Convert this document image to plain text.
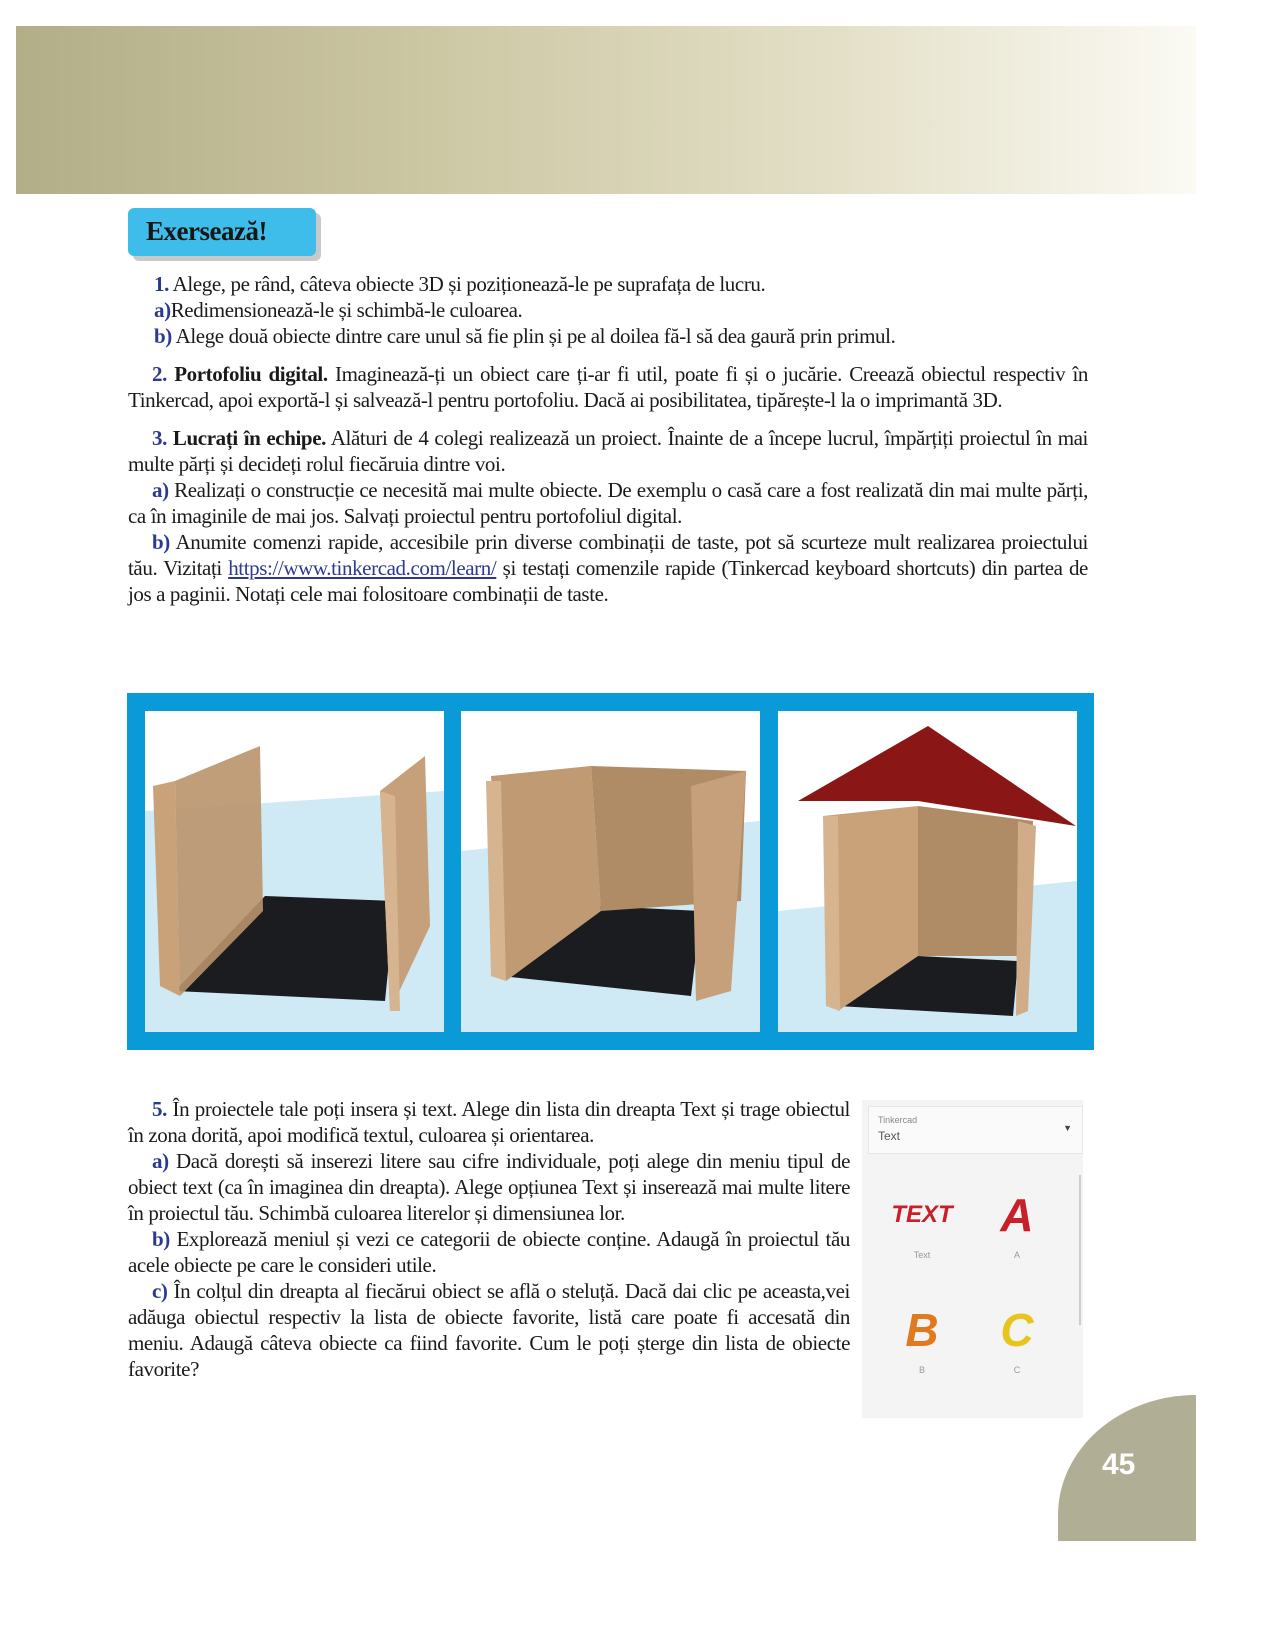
Exersează!

1. Alege, pe rând, câteva obiecte 3D și poziționează-le pe suprafața de lucru.

a)Redimensionează-le și schimbă-le culoarea.

b) Alege două obiecte dintre care unul să fie plin și pe al doilea fă-l să dea gaură prin primul.

2. Portofoliu digital. Imaginează-ți un obiect care ți-ar fi util, poate fi și o jucărie. Creează obiectul respectiv în Tinkercad, apoi exportă-l și salvează-l pentru portofoliu. Dacă ai posibilitatea, tipărește-l la o imprimantă 3D.

3. Lucrați în echipe. Alături de 4 colegi realizează un proiect. Înainte de a începe lucrul, împărțiți proiectul în mai multe părți și decideți rolul fiecăruia dintre voi.

a) Realizați o construcție ce necesită mai multe obiecte. De exemplu o casă care a fost realizată din mai multe părți, ca în imaginile de mai jos. Salvați proiectul pentru portofoliul digital.

b) Anumite comenzi rapide, accesibile prin diverse combinații de taste, pot să scurteze mult realizarea proiectului tău. Vizitați https://www.tinkercad.com/learn/ și testați comenzile rapide (Tinkercad keyboard shortcuts) din partea de jos a paginii. Notați cele mai folositoare combinații de taste.

5. În proiectele tale poți insera și text. Alege din lista din dreapta Text și trage obiectul în zona dorită, apoi modifică textul, culoarea și orientarea.

a) Dacă dorești să inserezi litere sau cifre individuale, poți alege din meniu tipul de obiect text (ca în imaginea din dreapta). Alege opțiunea Text și inserează mai multe litere în proiectul tău. Schimbă culoarea literelor și dimensiunea lor.

b) Explorează meniul și vezi ce categorii de obiecte conține. Adaugă în proiectul tău acele obiecte pe care le consideri utile.

c) În colțul din dreapta al fiecărui obiect se află o steluță. Dacă dai clic pe aceasta,vei adăuga obiectul respectiv la lista de obiecte favorite, listă care poate fi accesată din meniu. Adaugă câteva obiecte ca fiind favorite. Cum le poți șterge din lista de obiecte favorite?

Tinkercad
Text
▼
TEXT
Text
A
A
B
B
C
C
45
